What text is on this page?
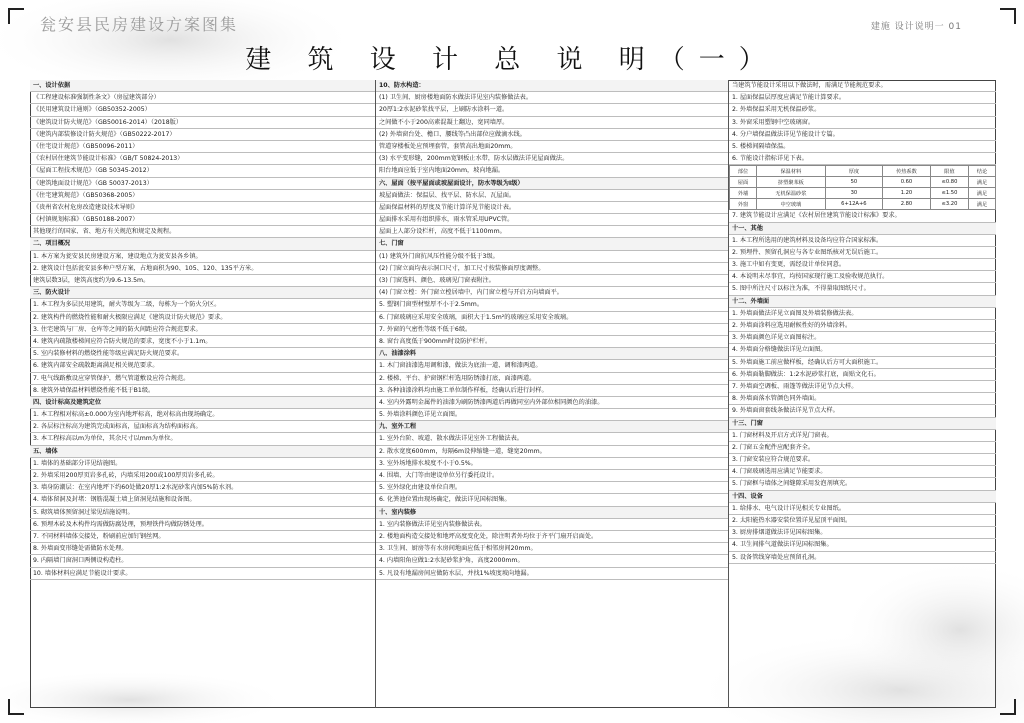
瓮安县民房建设方案图集	建施 设计说明一 01
建 筑 设 计 总 说 明（一）
一、设计依据
《工程建设标准强制性条文》（房屋建筑部分）
《民用建筑设计通则》（GB50352-2005）
《建筑设计防火规范》（GB50016-2014）（2018版）
《建筑内部装修设计防火规范》（GB50222-2017）
《住宅设计规范》（GB50096-2011）
《农村居住建筑节能设计标准》（GB/T 50824-2013）
《屋面工程技术规范》（GB 50345-2012）
《建筑地面设计规范》（GB 50037-2013）
《住宅建筑规范》（GB50368-2005）
《贵州省农村危房改造建设技术导则》
《村镇规划标准》（GB50188-2007）
其他现行的国家、省、地方有关规范和规定及规程。
二、项目概况
1. 本方案为瓮安县民房建设方案，建设地点为瓮安县各乡镇。
2. 建筑设计包括瓮安县多种户型方案，占地面积为90、105、120、135平方米。
建筑层数3层，建筑高度约为9.6-13.5m。
三、防火设计
1. 本工程为多层民用建筑，耐火等级为二级，每栋为一个防火分区。
2. 建筑构件的燃烧性能和耐火极限应满足《建筑设计防火规范》要求。
3. 住宅建筑与厂房、仓库等之间的防火间距应符合规范要求。
4. 建筑内疏散楼梯间应符合防火规范的要求，宽度不小于1.1m。
5. 室内装修材料的燃烧性能等级应满足防火规范要求。
6. 建筑内部安全疏散距离满足相关规范要求。
7. 电气线路敷设应穿管保护，燃气管道敷设应符合规范。
8. 建筑外墙保温材料燃烧性能不低于B1级。
四、设计标高及建筑定位
1. 本工程相对标高±0.000为室内地坪标高，绝对标高由现场确定。
2. 各层标注标高为建筑完成面标高，屋面标高为结构面标高。
3. 本工程标高以m为单位，其余尺寸以mm为单位。
五、墙体
1. 墙体的基础部分详见结施图。
2. 外墙采用200厚页岩多孔砖，内墙采用200或100厚页岩多孔砖。
3. 墙身防潮层：在室内地坪下约60处做20厚1:2水泥砂浆内加5%防水剂。
4. 墙体留洞及封堵：钢筋混凝土墙上留洞见结施和设备图。
5. 砌筑墙体预留洞过梁见结施说明。
6. 预埋木砖及木构件均需做防腐处理，预埋铁件均做防锈处理。
7. 不同材料墙体交接处，粉刷前应加钉钢丝网。
8. 外墙面变形缝处需做防水处理。
9. 内隔墙门窗洞口两侧设构造柱。
10. 墙体材料应满足节能设计要求。
10、防水构造：
(1) 卫生间、厨房楼地面防水做法详见室内装修做法表。
20厚1:2水泥砂浆找平层，上刷防水涂料一道。
之间做不小于200高素混凝土翻边，宽同墙厚。
(2) 外墙窗台处、檐口、腰线等凸出部位应做滴水线。
管道穿楼板处应预埋套管，套管高出地面20mm。
(3) 水平变形缝，200mm宽钢板止水带，防水层做法详见屋面做法。
阳台地面应低于室内地面20mm，坡向地漏。
六、屋面（按平屋面或坡屋面设计，防水等级为I级）
坡屋面做法：保温层、找平层、防水层、瓦屋面。
屋面保温材料的厚度及节能计算详见节能设计表。
屋面排水采用有组织排水，雨水管采用UPVC管。
屋面上人部分设栏杆，高度不低于1100mm。
七、门窗
(1) 建筑外门窗抗风压性能分级不低于3级。
(2) 门窗立面均表示洞口尺寸，加工尺寸按装修面厚度调整。
(3) 门窗选料、颜色、玻璃见门窗表附注。
(4) 门窗立樘：外门窗立樘居墙中，内门窗立樘与开启方向墙面平。
5. 塑钢门窗型材壁厚不小于2.5mm。
6. 门窗玻璃应采用安全玻璃，面积大于1.5m²的玻璃应采用安全玻璃。
7. 外窗的气密性等级不低于6级。
8. 窗台高度低于900mm时设防护栏杆。
八、油漆涂料
1. 木门窗油漆选用调和漆，做法为底油一道、调和漆两道。
2. 楼梯、平台、护窗钢栏杆选用防锈漆打底，面漆两道。
3. 各种油漆涂料均由施工单位制作样板，经确认后进行封样。
4. 室内外露明金属件的油漆为刷防锈漆两道后再做同室内外部位相同颜色的油漆。
5. 外墙涂料颜色详见立面图。
九、室外工程
1. 室外台阶、坡道、散水做法详见室外工程做法表。
2. 散水宽度600mm，每隔6m设伸缩缝一道，缝宽20mm。
3. 室外场地排水坡度不小于0.5%。
4. 围墙、大门等由建设单位另行委托设计。
5. 室外绿化由建设单位自理。
6. 化粪池位置由现场确定，做法详见国标图集。
十、室内装修
1. 室内装修做法详见室内装修做法表。
2. 楼地面构造交接处和地坪高度变化处，除注明者外均位于齐平门扇开启面处。
3. 卫生间、厨房等有水房间地面应低于相邻房间20mm。
4. 内墙阳角应做1:2水泥砂浆护角，高度2000mm。
5. 凡设有地漏房间应做防水层，并找1%坡度坡向地漏。
当建筑节能设计采用以下做法时，需满足节能规范要求。
1. 屋面保温层厚度应满足节能计算要求。
2. 外墙保温采用无机保温砂浆。
3. 外窗采用塑钢中空玻璃窗。
4. 分户墙保温做法详见节能设计专篇。
5. 楼梯间隔墙保温。
6. 节能设计指标详见下表。
部位	保温材料	厚度	传热系数	限值	结论
屋面	挤塑聚苯板	50	0.60	≤0.80	满足
外墙	无机保温砂浆	30	1.20	≤1.50	满足
外窗	中空玻璃	6+12A+6	2.80	≤3.20	满足
7. 建筑节能设计应满足《农村居住建筑节能设计标准》要求。
十一、其他
1. 本工程所选用的建筑材料及设备均应符合国家标准。
2. 预埋件、预留孔洞应与各专业图纸核对无误后施工。
3. 施工中如有变更，需经设计单位同意。
4. 本说明未尽事宜，均按国家现行施工及验收规范执行。
5. 图中所注尺寸以标注为准，不得量取图纸尺寸。
十二、外墙面
1. 外墙面做法详见立面图及外墙装修做法表。
2. 外墙面涂料应选用耐候性好的外墙涂料。
3. 外墙面颜色详见立面图标注。
4. 外墙面分格缝做法详见立面图。
5. 外墙面施工前应做样板，经确认后方可大面积施工。
6. 外墙面勒脚做法：1:2水泥砂浆打底，面贴文化石。
7. 外墙面空调板、雨篷等做法详见节点大样。
8. 外墙面落水管颜色同外墙面。
9. 外墙面窗套线条做法详见节点大样。
十三、门窗
1. 门窗材料及开启方式详见门窗表。
2. 门窗五金配件应配套齐全。
3. 门窗安装应符合规范要求。
4. 门窗玻璃选用应满足节能要求。
5. 门窗框与墙体之间缝隙采用发泡剂填充。
十四、设备
1. 给排水、电气设计详见相关专业图纸。
2. 太阳能热水器安装位置详见屋顶平面图。
3. 厨房排烟道做法详见国标图集。
4. 卫生间排气道做法详见国标图集。
5. 设备管线穿墙处应预留孔洞。
